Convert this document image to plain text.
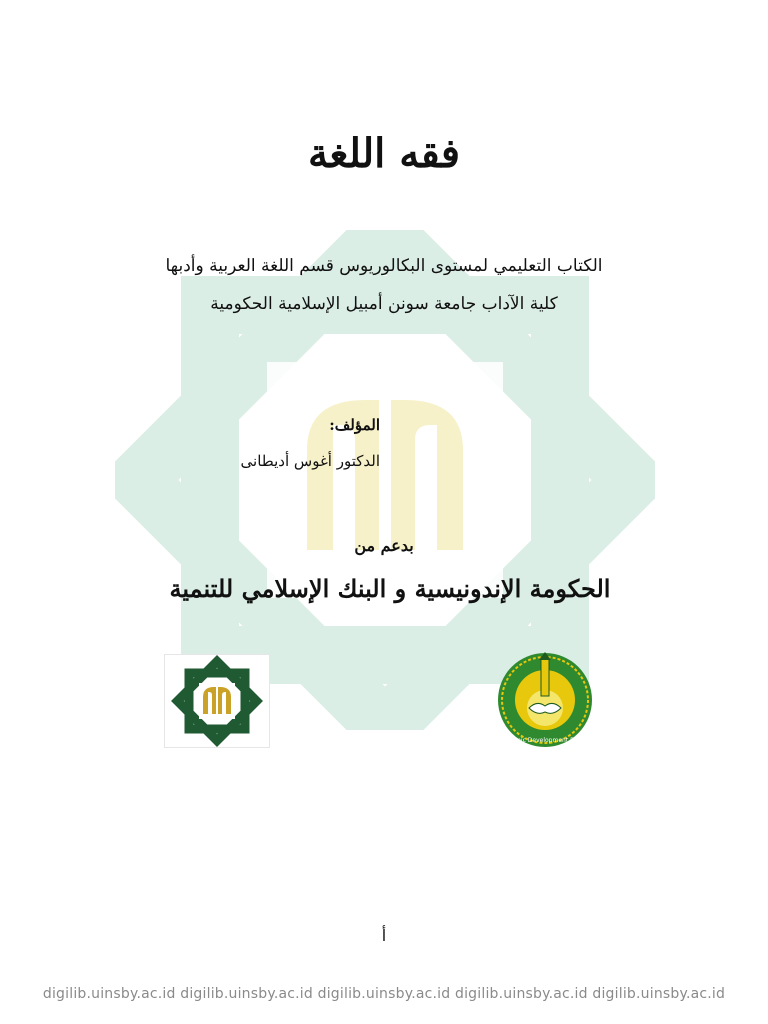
فقه اللغة

الكتاب التعليمي لمستوى البكالوريوس قسم اللغة العربية وأدبها

كلية الآداب جامعة سونن أمبيل الإسلامية الحكومية

المؤلف:

الدكتور أغوس أديطانى

بدعم من

الحكومة الإندونيسية و البنك الإسلامي للتنمية

Islamic Development Bank

أ

digilib.uinsby.ac.id digilib.uinsby.ac.id digilib.uinsby.ac.id digilib.uinsby.ac.id digilib.uinsby.ac.id
